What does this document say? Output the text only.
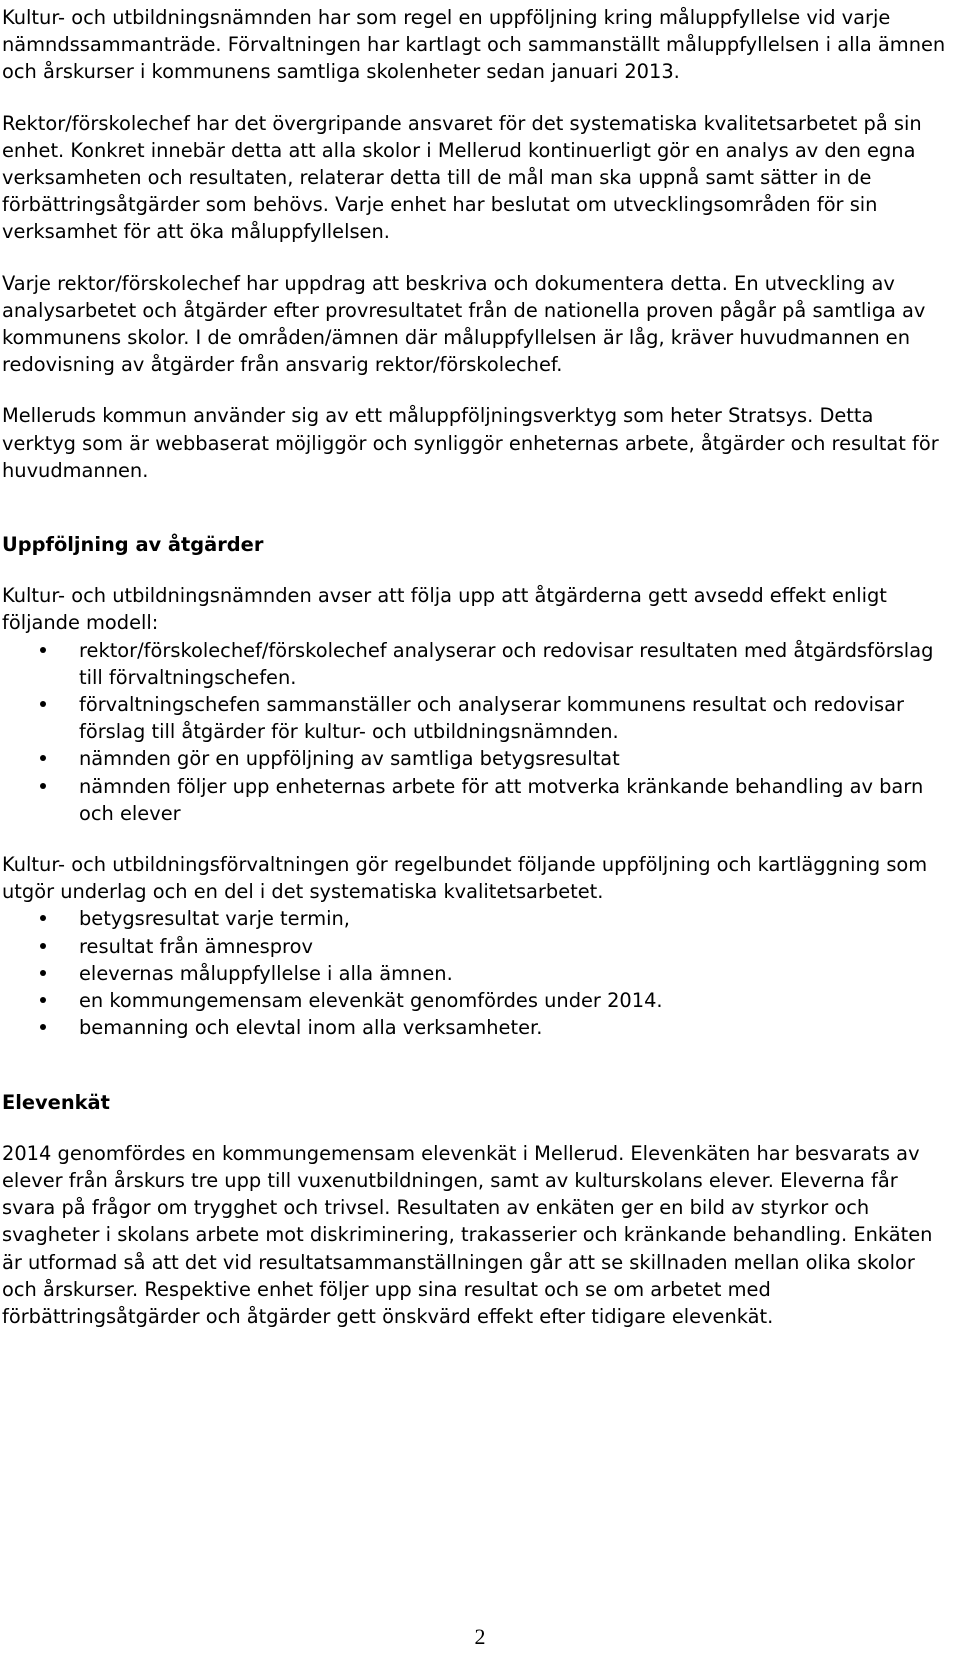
Kultur- och utbildningsnämnden har som regel en uppföljning kring måluppfyllelse vid varje nämndssammanträde. Förvaltningen har kartlagt och sammanställt måluppfyllelsen i alla ämnen och årskurser i kommunens samtliga skolenheter sedan januari 2013.

Rektor/förskolechef har det övergripande ansvaret för det systematiska kvalitetsarbetet på sin enhet. Konkret innebär detta att alla skolor i Mellerud kontinuerligt gör en analys av den egna verksamheten och resultaten, relaterar detta till de mål man ska uppnå samt sätter in de förbättringsåtgärder som behövs. Varje enhet har beslutat om utvecklingsområden för sin verksamhet för att öka måluppfyllelsen.

Varje rektor/förskolechef har uppdrag att beskriva och dokumentera detta. En utveckling av analysarbetet och åtgärder efter provresultatet från de nationella proven pågår på samtliga av kommunens skolor. I de områden/ämnen där måluppfyllelsen är låg, kräver huvudmannen en redovisning av åtgärder från ansvarig rektor/förskolechef.

Melleruds kommun använder sig av ett måluppföljningsverktyg som heter Stratsys. Detta verktyg som är webbaserat möjliggör och synliggör enheternas arbete, åtgärder och resultat för huvudmannen.

Uppföljning av åtgärder

Kultur- och utbildningsnämnden avser att följa upp att åtgärderna gett avsedd effekt enligt följande modell:

rektor/förskolechef/förskolechef analyserar och redovisar resultaten med åtgärdsförslag till förvaltningschefen.
förvaltningschefen sammanställer och analyserar kommunens resultat och redovisar förslag till åtgärder för kultur- och utbildningsnämnden.
nämnden gör en uppföljning av samtliga betygsresultat
nämnden följer upp enheternas arbete för att motverka kränkande behandling av barn och elever

Kultur- och utbildningsförvaltningen gör regelbundet följande uppföljning och kartläggning som utgör underlag och en del i det systematiska kvalitetsarbetet.

betygsresultat varje termin,
resultat från ämnesprov
elevernas måluppfyllelse i alla ämnen.
en kommungemensam elevenkät genomfördes under 2014.
bemanning och elevtal inom alla verksamheter.

Elevenkät

2014 genomfördes en kommungemensam elevenkät i Mellerud. Elevenkäten har besvarats av elever från årskurs tre upp till vuxenutbildningen, samt av kulturskolans elever. Eleverna får svara på frågor om trygghet och trivsel. Resultaten av enkäten ger en bild av styrkor och svagheter i skolans arbete mot diskriminering, trakasserier och kränkande behandling. Enkäten är utformad så att det vid resultatsammanställningen går att se skillnaden mellan olika skolor och årskurser. Respektive enhet följer upp sina resultat och se om arbetet med förbättringsåtgärder och åtgärder gett önskvärd effekt efter tidigare elevenkät.

2
